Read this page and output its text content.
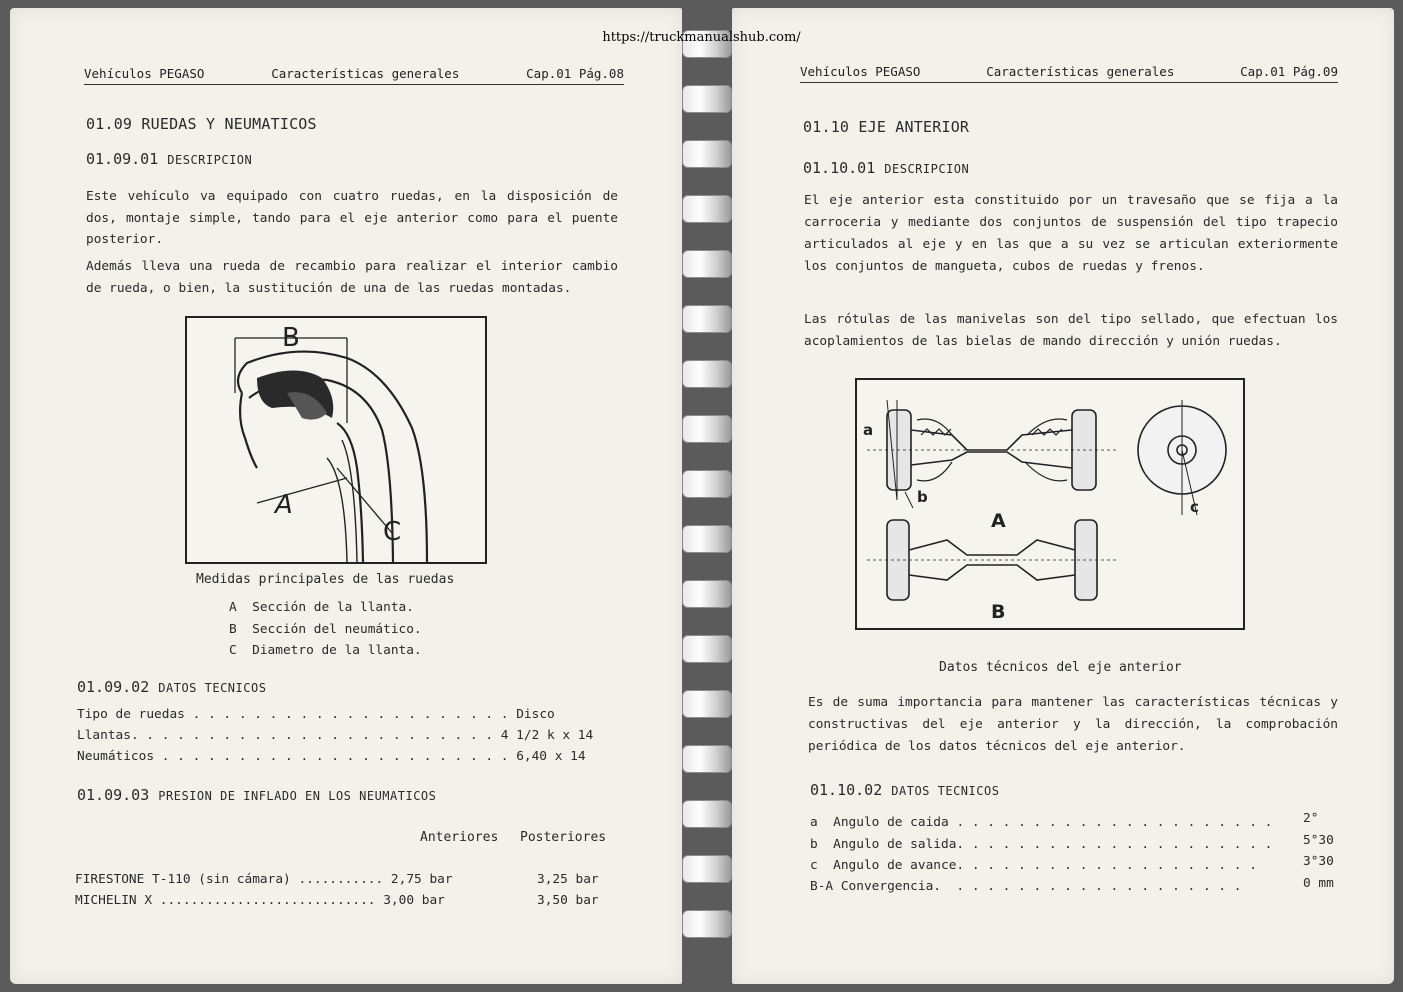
https://truckmanualshub.com/
Vehículos PEGASO	Características generales	Cap.01 Pág.08
01.09 RUEDAS Y NEUMATICOS
01.09.01 DESCRIPCION
Este vehículo va equipado con cuatro ruedas, en la disposición de dos, montaje simple, tando para el eje anterior como para el puente posterior.
Además lleva una rueda de recambio para realizar el interior cambio de rueda, o bien, la sustitución de una de las ruedas montadas.
B
A
C
Medidas principales de las ruedas
A Sección de la llanta.
B Sección del neumático.
C Diametro de la llanta.
01.09.02 DATOS TECNICOS
Tipo de ruedas . . . . . . . . . . . . . . . . . . . . . Disco
Llantas. . . . . . . . . . . . . . . . . . . . . . . . 4 1/2 k x 14
Neumáticos . . . . . . . . . . . . . . . . . . . . . . . 6,40 x 14
01.09.03 PRESION DE INFLADO EN LOS NEUMATICOS
Anteriores Posteriores
FIRESTONE T-110 (sin cámara) ........... 2,75 bar	3,25 bar
MICHELIN X ............................ 3,00 bar	3,50 bar
Vehículos PEGASO	Características generales	Cap.01 Pág.09
01.10 EJE ANTERIOR
01.10.01 DESCRIPCION
El eje anterior esta constituido por un travesaño que se fija a la carroceria y mediante dos conjuntos de suspensión del tipo trapecio articulados al eje y en las que a su vez se articulan exteriormente los conjuntos de mangueta, cubos de ruedas y frenos.
Las rótulas de las manivelas son del tipo sellado, que efectuan los acoplamientos de las bielas de mando dirección y unión ruedas.
a
b
c
A
B
Datos técnicos del eje anterior
Es de suma importancia para mantener las características técnicas y constructivas del eje anterior y la dirección, la comprobación periódica de los datos técnicos del eje anterior.
01.10.02 DATOS TECNICOS
a Angulo de caida . . . . . . . . . . . . . . . . . . . . . 2°
b Angulo de salida. . . . . . . . . . . . . . . . . . . . . 5°30
c Angulo de avance. . . . . . . . . . . . . . . . . . . .	3°30
B-A Convergencia.  . . . . . . . . . . . . . . . . . . .	0 mm
